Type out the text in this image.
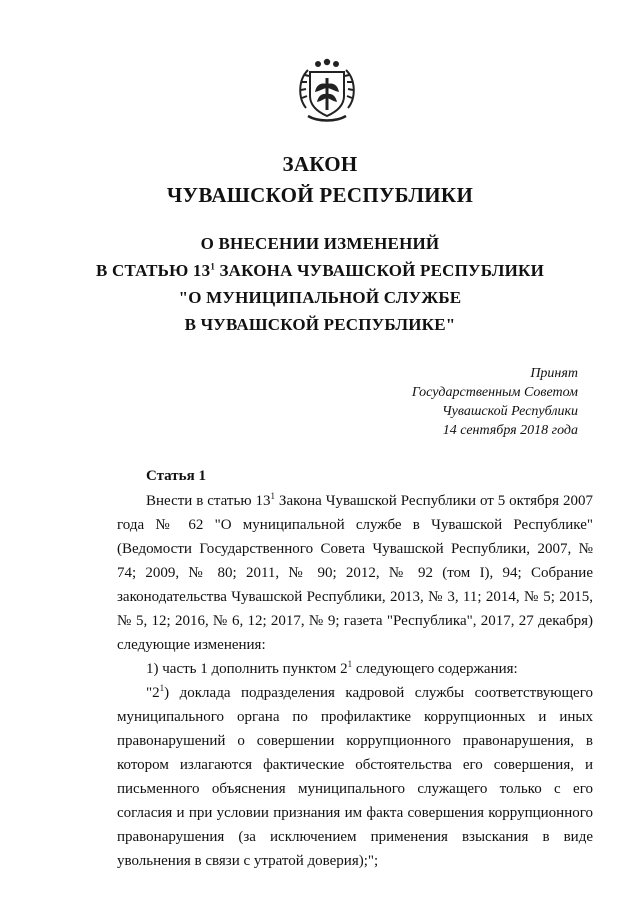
ЗАКОН

ЧУВАШСКОЙ РЕСПУБЛИКИ

О ВНЕСЕНИИ ИЗМЕНЕНИЙ

В СТАТЬЮ $13^1$ ЗАКОНА ЧУВАШСКОЙ РЕСПУБЛИКИ

"О МУНИЦИПАЛЬНОЙ СЛУЖБЕ

В ЧУВАШСКОЙ РЕСПУБЛИКЕ"

Принят
Государственным Советом
Чувашской Республики
14 сентября 2018 года

Статья 1

Внести в статью $13^1$ Закона Чувашской Республики от 5 октября 2007 года № 62 "О муниципальной службе в Чувашской Республике" (Ведомости Государственного Совета Чувашской Республики, 2007, № 74; 2009, № 80; 2011, № 90; 2012, № 92 (том I), 94; Собрание законодательства Чувашской Республики, 2013, № 3, 11; 2014, № 5; 2015, № 5, 12; 2016, № 6, 12; 2017, № 9; газета "Республика", 2017, 27 декабря) следующие изменения:

1) часть 1 дополнить пунктом $2^1$ следующего содержания:

"$2^1$) доклада подразделения кадровой службы соответствующего муниципального органа по профилактике коррупционных и иных правонарушений о совершении коррупционного правонарушения, в котором излагаются фактические обстоятельства его совершения, и письменного объяснения муниципального служащего только с его согласия и при условии признания им факта совершения коррупционного правонарушения (за исключением применения взыскания в виде увольнения в связи с утратой доверия);";
